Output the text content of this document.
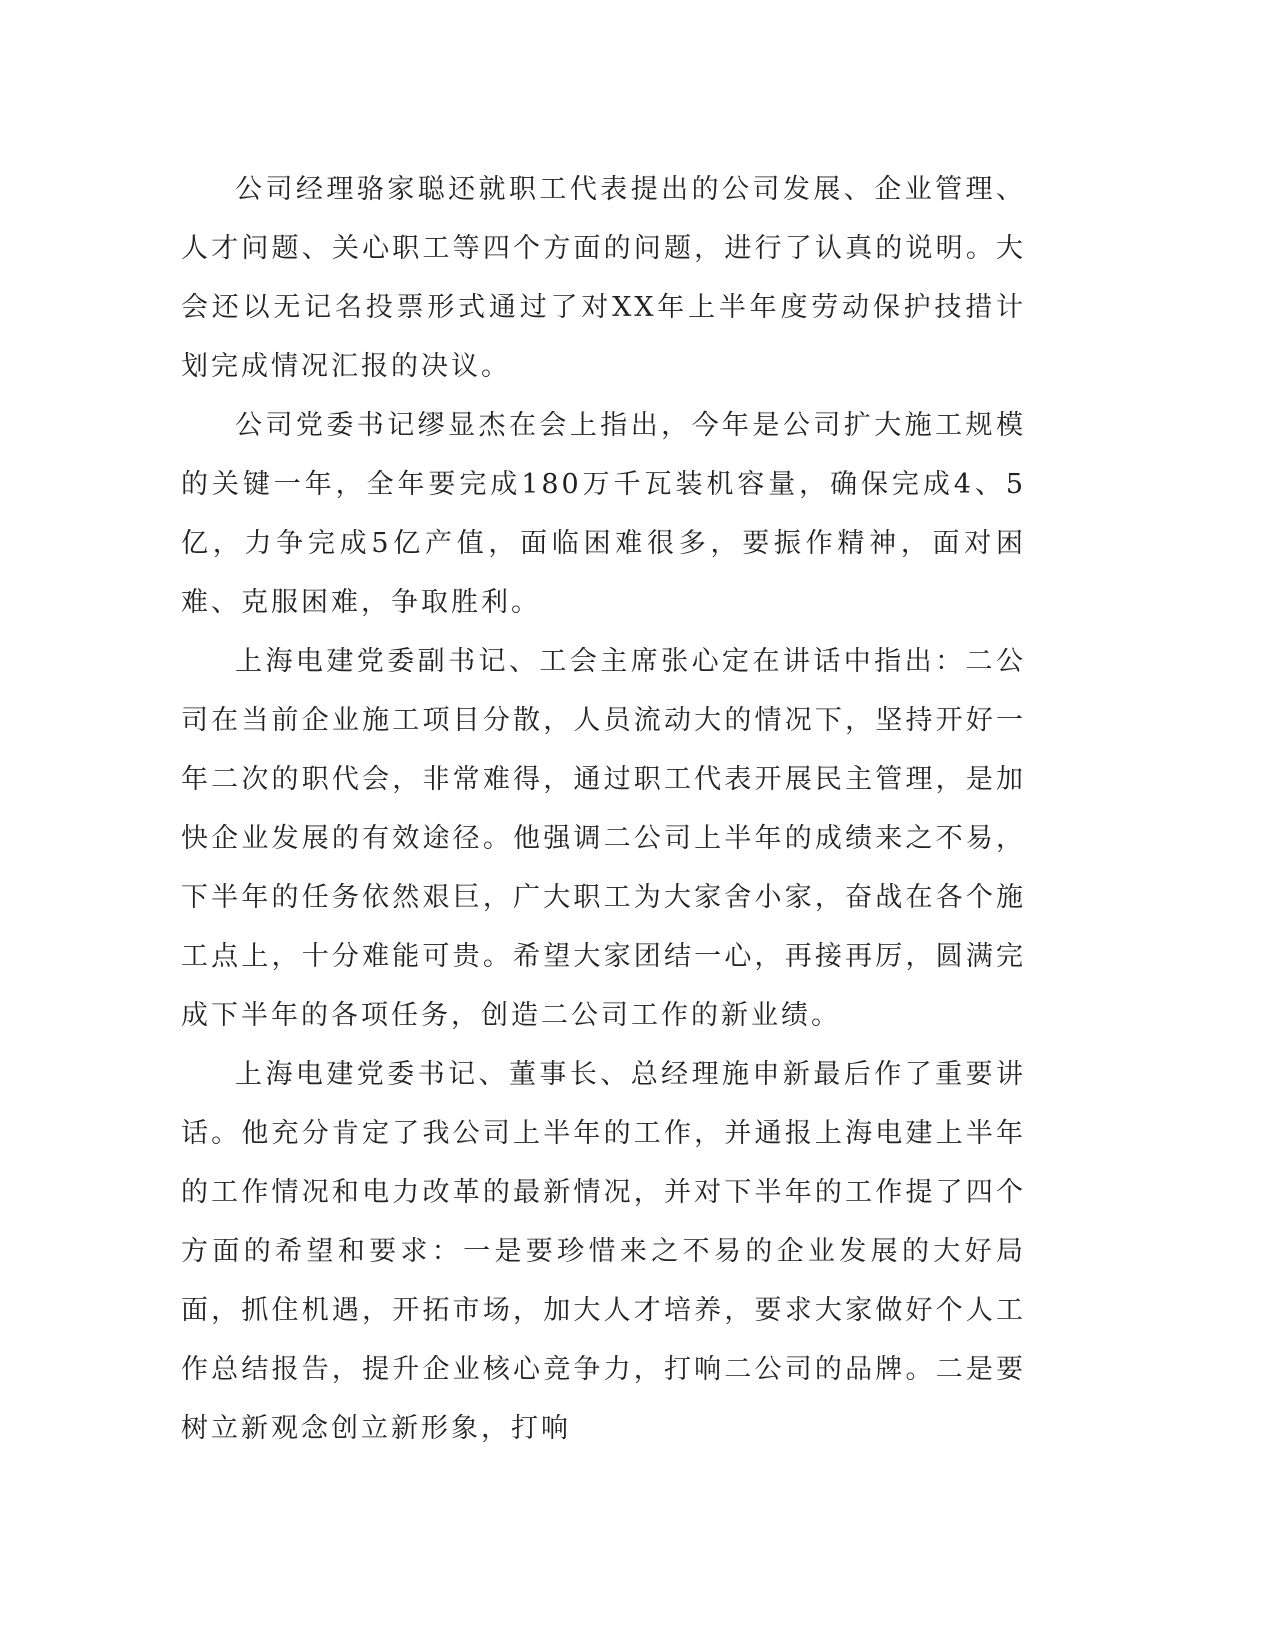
公司经理骆家聪还就职工代表提出的公司发展、企业管理、人才问题、关心职工等四个方面的问题，进行了认真的说明。大会还以无记名投票形式通过了对XX年上半年度劳动保护技措计划完成情况汇报的决议。

公司党委书记缪显杰在会上指出，今年是公司扩大施工规模的关键一年，全年要完成180万千瓦装机容量，确保完成4、5亿，力争完成5亿产值，面临困难很多，要振作精神，面对困难、克服困难，争取胜利。

上海电建党委副书记、工会主席张心定在讲话中指出：二公司在当前企业施工项目分散，人员流动大的情况下，坚持开好一年二次的职代会，非常难得，通过职工代表开展民主管理，是加快企业发展的有效途径。他强调二公司上半年的成绩来之不易，下半年的任务依然艰巨，广大职工为大家舍小家，奋战在各个施工点上，十分难能可贵。希望大家团结一心，再接再厉，圆满完成下半年的各项任务，创造二公司工作的新业绩。

上海电建党委书记、董事长、总经理施申新最后作了重要讲话。他充分肯定了我公司上半年的工作，并通报上海电建上半年的工作情况和电力改革的最新情况，并对下半年的工作提了四个方面的希望和要求：一是要珍惜来之不易的企业发展的大好局面，抓住机遇，开拓市场，加大人才培养，要求大家做好个人工作总结报告，提升企业核心竞争力，打响二公司的品牌。二是要树立新观念创立新形象，打响
